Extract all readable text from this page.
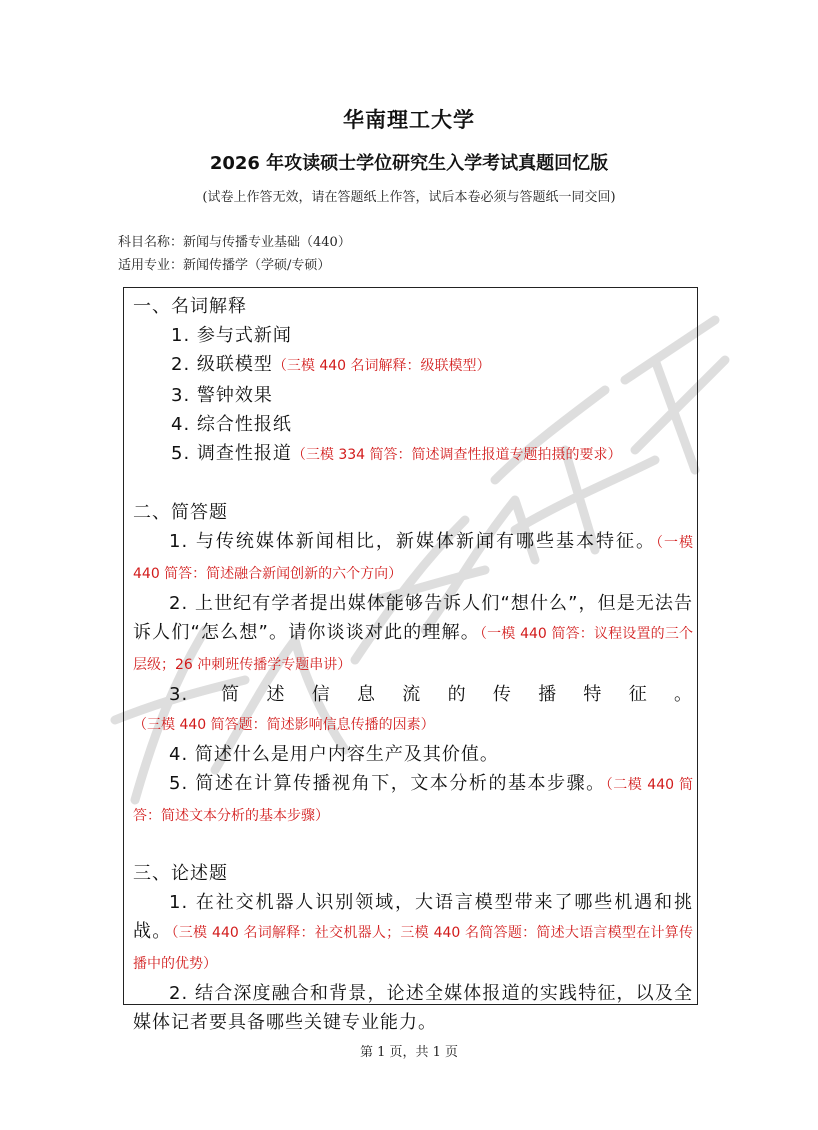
华南理工大学
2026 年攻读硕士学位研究生入学考试真题回忆版
(试卷上作答无效，请在答题纸上作答，试后本卷必须与答题纸一同交回)
科目名称：新闻与传播专业基础（440）
适用专业：新闻传播学（学硕/专硕）
一、名词解释
1. 参与式新闻
2. 级联模型（三模 440 名词解释：级联模型）
3. 警钟效果
4. 综合性报纸
5. 调查性报道（三模 334 简答：简述调查性报道专题拍摄的要求）
二、简答题
1. 与传统媒体新闻相比，新媒体新闻有哪些基本特征。（一模 440 简答：简述融合新闻创新的六个方向）
2. 上世纪有学者提出媒体能够告诉人们“想什么”，但是无法告诉人们“怎么想”。请你谈谈对此的理解。（一模 440 简答：议程设置的三个层级；26 冲刺班传播学专题串讲）
3. 简述信息流的传播特征。（三模 440 简答题：简述影响信息传播的因素）
4. 简述什么是用户内容生产及其价值。
5. 简述在计算传播视角下，文本分析的基本步骤。（二模 440 简答：简述文本分析的基本步骤）
三、论述题
1. 在社交机器人识别领域，大语言模型带来了哪些机遇和挑战。（三模 440 名词解释：社交机器人；三模 440 名简答题：简述大语言模型在计算传播中的优势）
2. 结合深度融合和背景，论述全媒体报道的实践特征，以及全媒体记者要具备哪些关键专业能力。
第 1 页，共 1 页
